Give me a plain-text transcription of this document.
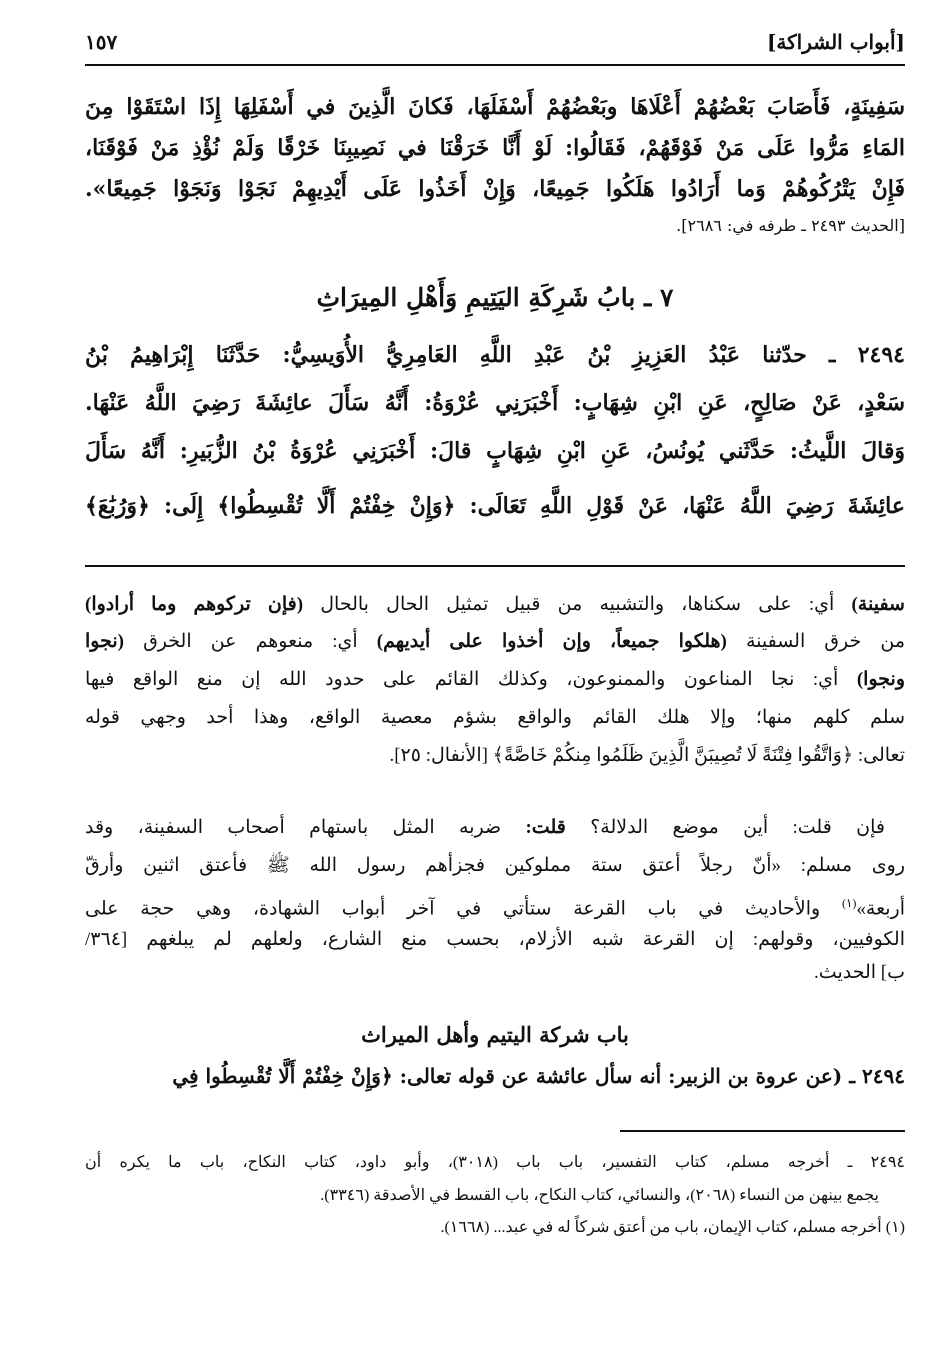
[أبواب الشراكة]
١٥٧
سَفِينَةٍ، فَأَصَابَ بَعْضُهُمْ أَعْلَاهَا وبَعْضُهُمْ أَسْفَلَهَا، فَكانَ الَّذِينَ في أَسْفَلِهَا إِذَا اسْتَقَوْا مِنَ
المَاءِ مَرُّوا عَلَى مَنْ فَوْقَهُمْ، فَقَالُوا: لَوْ أَنَّا خَرَقْنَا في نَصِيبِنَا خَرْقًا وَلَمْ نُؤْذِ مَنْ فَوْقَنَا،
فَإِنْ يَتْرُكُوهُمْ وَما أَرَادُوا هَلَكُوا جَمِيعًا، وَإِنْ أَخَذُوا عَلَى أَيْدِيهِمْ نَجَوْا وَنَجَوْا جَمِيعًا».
[الحديث ٢٤٩٣ ـ طرفه في: ٢٦٨٦].
٧ ـ بابُ شَرِكَةِ اليَتِيمِ وَأَهْلِ المِيرَاثِ
٢٤٩٤ ـ حدّثنا عَبْدُ العَزِيزِ بْنُ عَبْدِ اللَّهِ العَامِرِيُّ الأُوَيسِيُّ: حَدَّثَنَا إِبْرَاهِيمُ بْنُ
سَعْدٍ، عَنْ صَالِحٍ، عَنِ ابْنِ شِهَابٍ: أَخْبَرَنِي عُرْوَةُ: أَنَّهُ سَأَلَ عائِشَةَ رَضِيَ اللَّهُ عَنْهَا.
وَقالَ اللَّيثُ: حَدَّثَني يُونُسُ، عَنِ ابْنِ شِهَابٍ قالَ: أَخْبَرَنِي عُرْوَةُ بْنُ الزُّبَيرِ: أَنَّهُ سَأَلَ
عائِشَةَ رَضِيَ اللَّهُ عَنْهَا، عَنْ قَوْلِ اللَّهِ تَعَالَى: ﴿وَإِنْ خِفْتُمْ أَلَّا تُقْسِطُوا﴾ إِلَى: ﴿وَرُبَٰعَ﴾
سفينة) أي: على سكناها، والتشبيه من قبيل تمثيل الحال بالحال (فإن تركوهم وما أرادوا)
من خرق السفينة (هلكوا جميعاً، وإن أخذوا على أيديهم) أي: منعوهم عن الخرق (نجوا
ونجوا) أي: نجا المناعون والممنوعون، وكذلك القائم على حدود الله إن منع الواقع فيها
سلم كلهم منها؛ وإلا هلك القائم والواقع بشؤم معصية الواقع، وهذا أحد وجهي قوله
تعالى: ﴿وَاتَّقُوا فِتْنَةً لَا تُصِيبَنَّ الَّذِينَ ظَلَمُوا مِنكُمْ خَاصَّةً﴾ [الأنفال: ٢٥].
فإن قلت: أين موضع الدلالة؟ قلت: ضربه المثل باستهام أصحاب السفينة، وقد
روى مسلم: «أنّ رجلاً أعتق ستة مملوكين فجزأهم رسول الله ﷺ فأعتق اثنين وأرقّ
أربعة»$^{(١)}$ والأحاديث في باب القرعة ستأتي في آخر أبواب الشهادة، وهي حجة على
الكوفيين، وقولهم: إن القرعة شبه الأزلام، بحسب منع الشارع، ولعلهم لم يبلغهم [٣٦٤/
ب] الحديث.
باب شركة اليتيم وأهل الميراث
٢٤٩٤ ـ (عن عروة بن الزبير: أنه سأل عائشة عن قوله تعالى: ﴿وَإِنْ خِفْتُمْ أَلَّا تُقْسِطُوا فِي
٢٤٩٤ ـ أخرجه مسلم، كتاب التفسير، باب باب (٣٠١٨)، وأبو داود، كتاب النكاح، باب ما يكره أن
يجمع بينهن من النساء (٢٠٦٨)، والنسائي، كتاب النكاح، باب القسط في الأصدقة (٣٣٤٦).
(١) أخرجه مسلم، كتاب الإيمان، باب من أعتق شركاً له في عبد... (١٦٦٨).
